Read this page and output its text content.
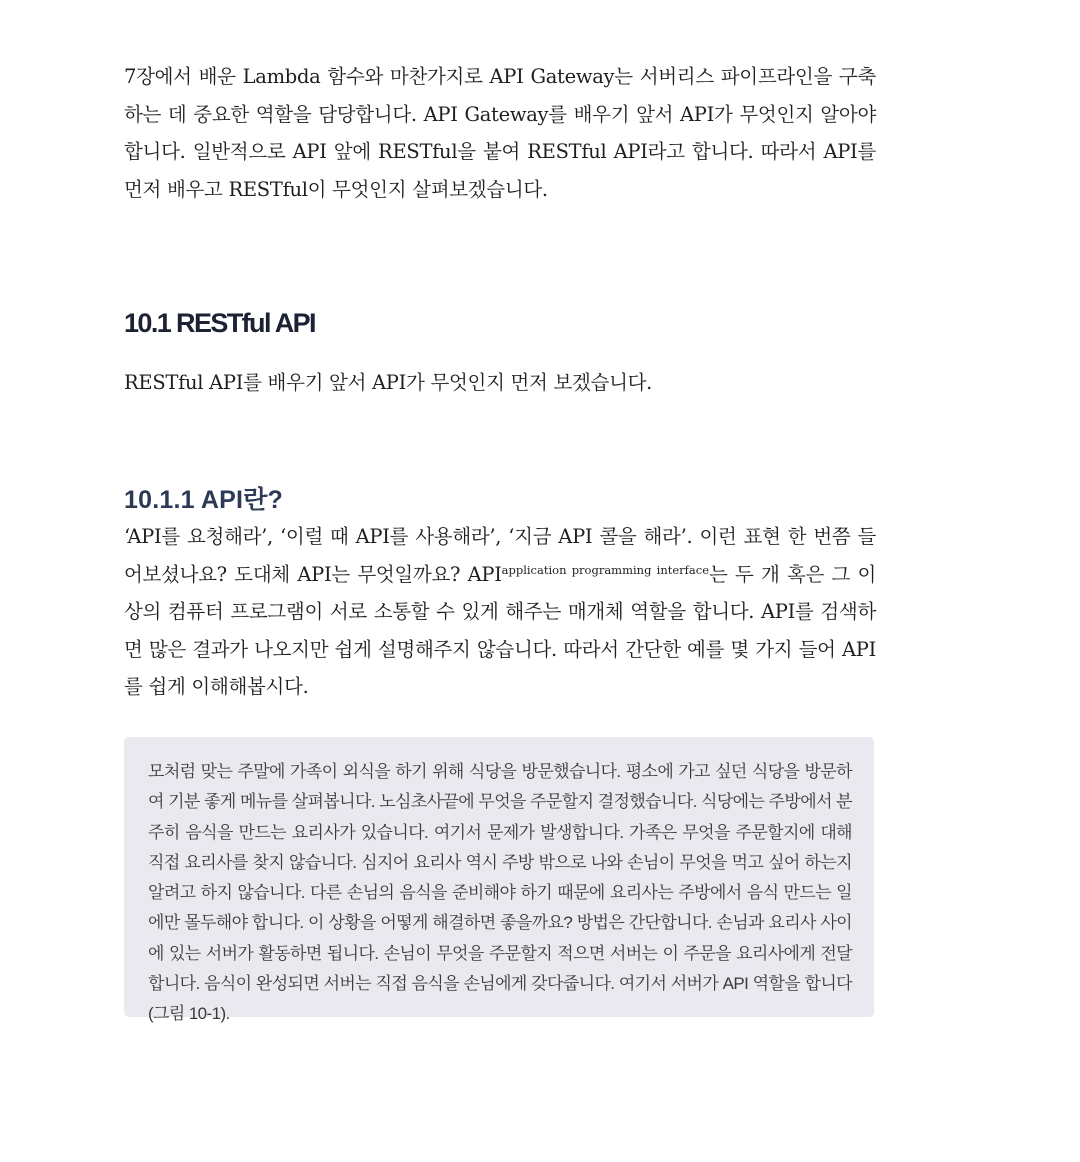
7장에서 배운 Lambda 함수와 마찬가지로 API Gateway는 서버리스 파이프라인을 구축하는 데 중요한 역할을 담당합니다. API Gateway를 배우기 앞서 API가 무엇인지 알아야 합니다. 일반적으로 API 앞에 RESTful을 붙여 RESTful API라고 합니다. 따라서 API를 먼저 배우고 RESTful이 무엇인지 살펴보겠습니다.

10.1 RESTful API

RESTful API를 배우기 앞서 API가 무엇인지 먼저 보겠습니다.

10.1.1 API란?

‘API를 요청해라’, ‘이럴 때 API를 사용해라’, ‘지금 API 콜을 해라’. 이런 표현 한 번쯤 들어보셨나요? 도대체 API는 무엇일까요? $API^{application programming interface}$는 두 개 혹은 그 이상의 컴퓨터 프로그램이 서로 소통할 수 있게 해주는 매개체 역할을 합니다. API를 검색하면 많은 결과가 나오지만 쉽게 설명해주지 않습니다. 따라서 간단한 예를 몇 가지 들어 API를 쉽게 이해해봅시다.

모처럼 맞는 주말에 가족이 외식을 하기 위해 식당을 방문했습니다. 평소에 가고 싶던 식당을 방문하여 기분 좋게 메뉴를 살펴봅니다. 노심초사끝에 무엇을 주문할지 결정했습니다. 식당에는 주방에서 분주히 음식을 만드는 요리사가 있습니다. 여기서 문제가 발생합니다. 가족은 무엇을 주문할지에 대해 직접 요리사를 찾지 않습니다. 심지어 요리사 역시 주방 밖으로 나와 손님이 무엇을 먹고 싶어 하는지 알려고 하지 않습니다. 다른 손님의 음식을 준비해야 하기 때문에 요리사는 주방에서 음식 만드는 일에만 몰두해야 합니다. 이 상황을 어떻게 해결하면 좋을까요? 방법은 간단합니다. 손님과 요리사 사이에 있는 서버가 활동하면 됩니다. 손님이 무엇을 주문할지 적으면 서버는 이 주문을 요리사에게 전달합니다. 음식이 완성되면 서버는 직접 음식을 손님에게 갖다줍니다. 여기서 서버가 API 역할을 합니다(그림 10-1).
